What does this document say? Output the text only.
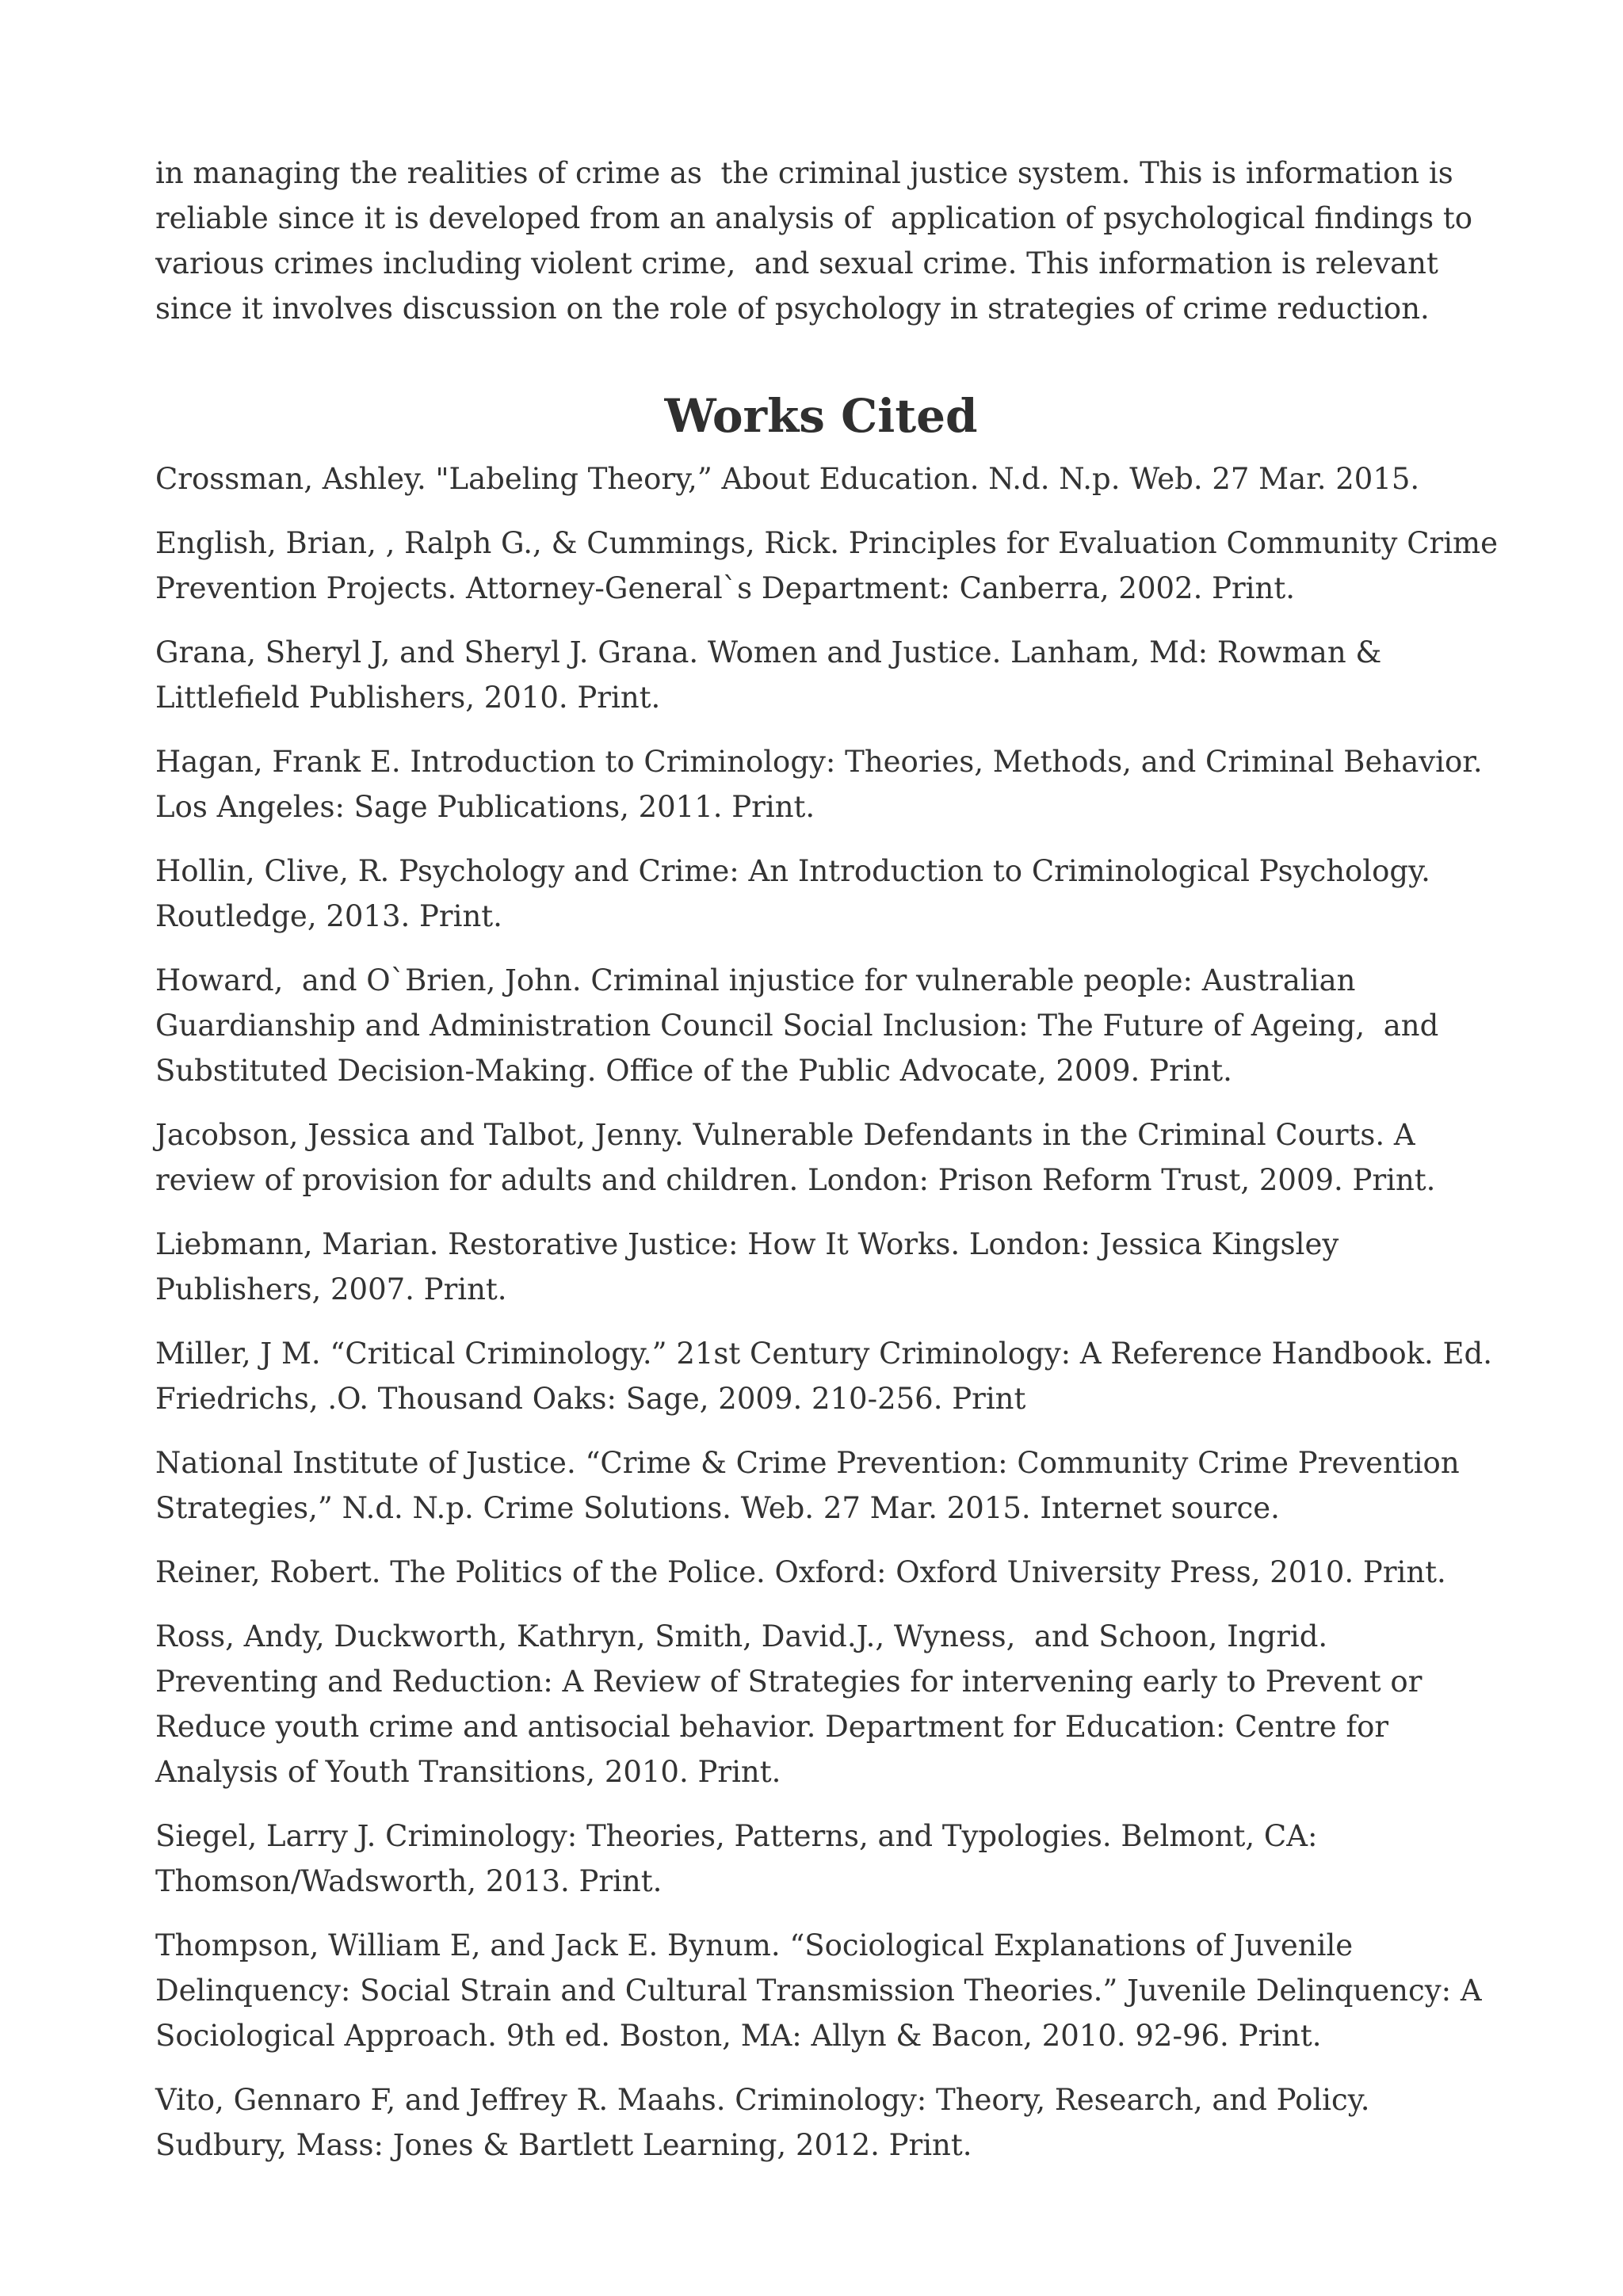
in managing the realities of crime as  the criminal justice system. This is information is
reliable since it is developed from an analysis of  application of psychological findings to
various crimes including violent crime,  and sexual crime. This information is relevant
since it involves discussion on the role of psychology in strategies of crime reduction.

Works Cited
Crossman, Ashley. "Labeling Theory,” About Education. N.d. N.p. Web. 27 Mar. 2015.
English, Brian, , Ralph G., & Cummings, Rick. Principles for Evaluation Community Crime
Prevention Projects. Attorney-General`s Department: Canberra, 2002. Print.
Grana, Sheryl J, and Sheryl J. Grana. Women and Justice. Lanham, Md: Rowman &
Littlefield Publishers, 2010. Print.
Hagan, Frank E. Introduction to Criminology: Theories, Methods, and Criminal Behavior.
Los Angeles: Sage Publications, 2011. Print.
Hollin, Clive, R. Psychology and Crime: An Introduction to Criminological Psychology.
Routledge, 2013. Print.
Howard,  and O`Brien, John. Criminal injustice for vulnerable people: Australian
Guardianship and Administration Council Social Inclusion: The Future of Ageing,  and
Substituted Decision-Making. Office of the Public Advocate, 2009. Print.
Jacobson, Jessica and Talbot, Jenny. Vulnerable Defendants in the Criminal Courts. A
review of provision for adults and children. London: Prison Reform Trust, 2009. Print.
Liebmann, Marian. Restorative Justice: How It Works. London: Jessica Kingsley
Publishers, 2007. Print.
Miller, J M. “Critical Criminology.” 21st Century Criminology: A Reference Handbook. Ed.
Friedrichs, .O. Thousand Oaks: Sage, 2009. 210-256. Print
National Institute of Justice. “Crime & Crime Prevention: Community Crime Prevention
Strategies,” N.d. N.p. Crime Solutions. Web. 27 Mar. 2015. Internet source.
Reiner, Robert. The Politics of the Police. Oxford: Oxford University Press, 2010. Print.
Ross, Andy, Duckworth, Kathryn, Smith, David.J., Wyness,  and Schoon, Ingrid.
Preventing and Reduction: A Review of Strategies for intervening early to Prevent or
Reduce youth crime and antisocial behavior. Department for Education: Centre for
Analysis of Youth Transitions, 2010. Print.
Siegel, Larry J. Criminology: Theories, Patterns, and Typologies. Belmont, CA:
Thomson/Wadsworth, 2013. Print.
Thompson, William E, and Jack E. Bynum. “Sociological Explanations of Juvenile
Delinquency: Social Strain and Cultural Transmission Theories.” Juvenile Delinquency: A
Sociological Approach. 9th ed. Boston, MA: Allyn & Bacon, 2010. 92-96. Print.
Vito, Gennaro F, and Jeffrey R. Maahs. Criminology: Theory, Research, and Policy.
Sudbury, Mass: Jones & Bartlett Learning, 2012. Print.
